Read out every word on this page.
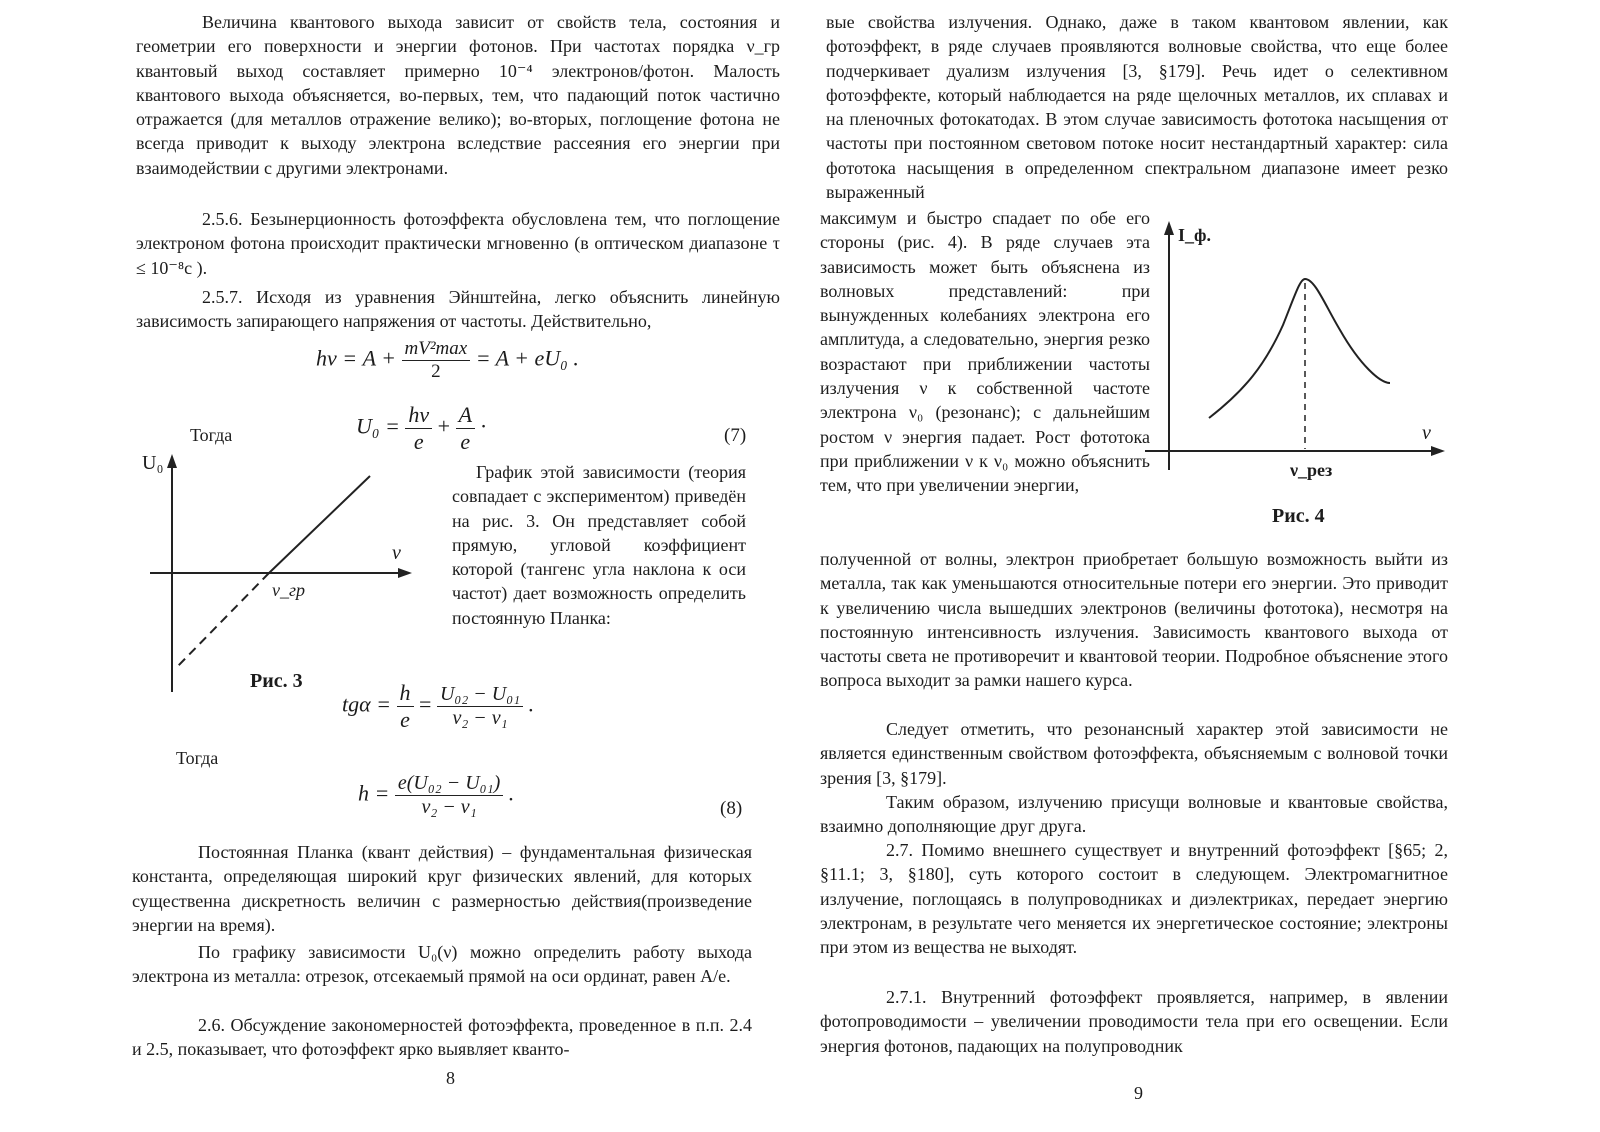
Величина квантового выхода зависит от свойств тела, состояния и геометрии его поверхности и энергии фотонов. При частотах порядка ν_гр квантовый выход составляет примерно 10⁻⁴ электронов/фотон. Малость квантового выхода объясняется, во-первых, тем, что падающий поток частично отражается (для металлов отражение велико); во-вторых, поглощение фотона не всегда приводит к выходу электрона вследствие рассеяния его энергии при взаимодействии с другими электронами.

2.5.6. Безынерционность фотоэффекта обусловлена тем, что поглощение электроном фотона происходит практически мгновенно (в оптическом диапазоне τ ≤ 10⁻⁸с ).

2.5.7. Исходя из уравнения Эйнштейна, легко объяснить линейную зависимость запирающего напряжения от частоты. Действительно,

$h\nu = A + \frac{\text{mV²max}}{2} = A + eU_0$ .
Тогда	$U_0 = \frac{h\nu}{e} + \frac{A}{e}$ ·	(7)
U₀
ν
ν_гр
Рис. 3

График этой зависимости (теория совпадает с экспериментом) приведён на рис. 3. Он представляет собой прямую, угловой коэффициент которой (тангенс угла наклона к оси частот) дает возможность определить постоянную Планка:

$tg\alpha = \frac{h}{e} = \frac{\text{U₀₂ − U₀₁}}{\text{ν₂ − ν₁}}$ .
Тогда
$h = \frac{\text{e(U₀₂ − U₀₁)}}{\text{ν₂ − ν₁}}$ .
(8)

Постоянная Планка (квант действия) – фундаментальная физическая константа, определяющая широкий круг физических явлений, для которых существенна дискретность величин с размерностью действия(произведение энергии на время).

По графику зависимости U₀(ν) можно определить работу выхода электрона из металла: отрезок, отсекаемый прямой на оси ординат, равен A/e.

2.6. Обсуждение закономерностей фотоэффекта, проведенное в п.п. 2.4 и 2.5, показывает, что фотоэффект ярко выявляет кванто-

8

вые свойства излучения. Однако, даже в таком квантовом явлении, как фотоэффект, в ряде случаев проявляются волновые свойства, что еще более подчеркивает дуализм излучения [3, §179]. Речь идет о селективном фотоэффекте, который наблюдается на ряде щелочных металлов, их сплавах и на пленочных фотокатодах. В этом случае зависимость фототока насыщения от частоты при постоянном световом потоке носит нестандартный характер: сила фототока насыщения в определенном спектральном диапазоне имеет резко выраженный

максимум и быстро спадает по обе его стороны (рис. 4). В ряде случаев эта зависимость может быть объяснена из волновых представлений: при вынужденных колебаниях электрона его амплитуда, а следовательно, энергия резко возрастают при приближении частоты излучения ν к собственной частоте электрона ν₀ (резонанс); с дальнейшим ростом ν энергия падает. Рост фототока при приближении ν к ν₀ можно объяснить тем, что при увеличении энергии,

I_ф.
ν
ν_рез
Рис. 4

полученной от волны, электрон приобретает большую возможность выйти из металла, так как уменьшаются относительные потери его энергии. Это приводит к увеличению числа вышедших электронов (величины фототока), несмотря на постоянную интенсивность излучения. Зависимость квантового выхода от частоты света не противоречит и квантовой теории. Подробное объяснение этого вопроса выходит за рамки нашего курса.

Следует отметить, что резонансный характер этой зависимости не является единственным свойством фотоэффекта, объясняемым с волновой точки зрения [3, §179].

Таким образом, излучению присущи волновые и квантовые свойства, взаимно дополняющие друг друга.

2.7. Помимо внешнего существует и внутренний фотоэффект [§65; 2, §11.1; 3, §180], суть которого состоит в следующем. Электромагнитное излучение, поглощаясь в полупроводниках и диэлектриках, передает энергию электронам, в результате чего меняется их энергетическое состояние; электроны при этом из вещества не выходят.

2.7.1. Внутренний фотоэффект проявляется, например, в явлении фотопроводимости – увеличении проводимости тела при его освещении. Если энергия фотонов, падающих на полупроводник

9
